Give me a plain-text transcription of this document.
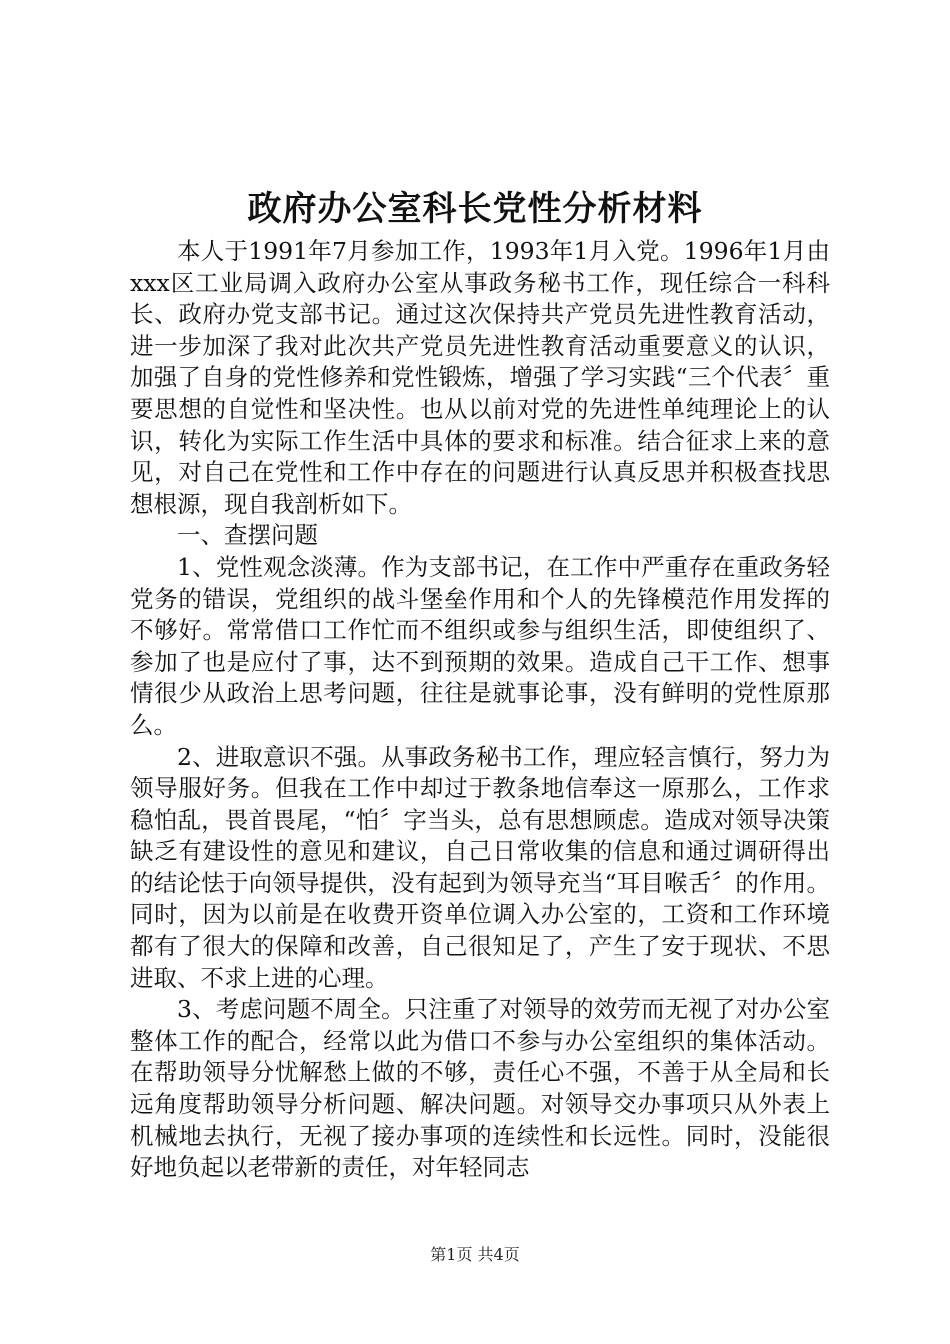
政府办公室科长党性分析材料

本人于1991年7月参加工作，1993年1月入党。1996年1月由xxx区工业局调入政府办公室从事政务秘书工作，现任综合一科科长、政府办党支部书记。通过这次保持共产党员先进性教育活动，进一步加深了我对此次共产党员先进性教育活动重要意义的认识，加强了自身的党性修养和党性锻炼，增强了学习实践“三个代表〞重要思想的自觉性和坚决性。也从以前对党的先进性单纯理论上的认识，转化为实际工作生活中具体的要求和标准。结合征求上来的意见，对自己在党性和工作中存在的问题进行认真反思并积极查找思想根源，现自我剖析如下。

一、查摆问题

1、党性观念淡薄。作为支部书记，在工作中严重存在重政务轻党务的错误，党组织的战斗堡垒作用和个人的先锋模范作用发挥的不够好。常常借口工作忙而不组织或参与组织生活，即使组织了、参加了也是应付了事，达不到预期的效果。造成自己干工作、想事情很少从政治上思考问题，往往是就事论事，没有鲜明的党性原那么。

2、进取意识不强。从事政务秘书工作，理应轻言慎行，努力为领导服好务。但我在工作中却过于教条地信奉这一原那么，工作求稳怕乱，畏首畏尾，“怕〞字当头，总有思想顾虑。造成对领导决策缺乏有建设性的意见和建议，自己日常收集的信息和通过调研得出的结论怯于向领导提供，没有起到为领导充当“耳目喉舌〞的作用。同时，因为以前是在收费开资单位调入办公室的，工资和工作环境都有了很大的保障和改善，自己很知足了，产生了安于现状、不思进取、不求上进的心理。

3、考虑问题不周全。只注重了对领导的效劳而无视了对办公室整体工作的配合，经常以此为借口不参与办公室组织的集体活动。在帮助领导分忧解愁上做的不够，责任心不强，不善于从全局和长远角度帮助领导分析问题、解决问题。对领导交办事项只从外表上机械地去执行，无视了接办事项的连续性和长远性。同时，没能很好地负起以老带新的责任，对年轻同志

第1页 共4页
